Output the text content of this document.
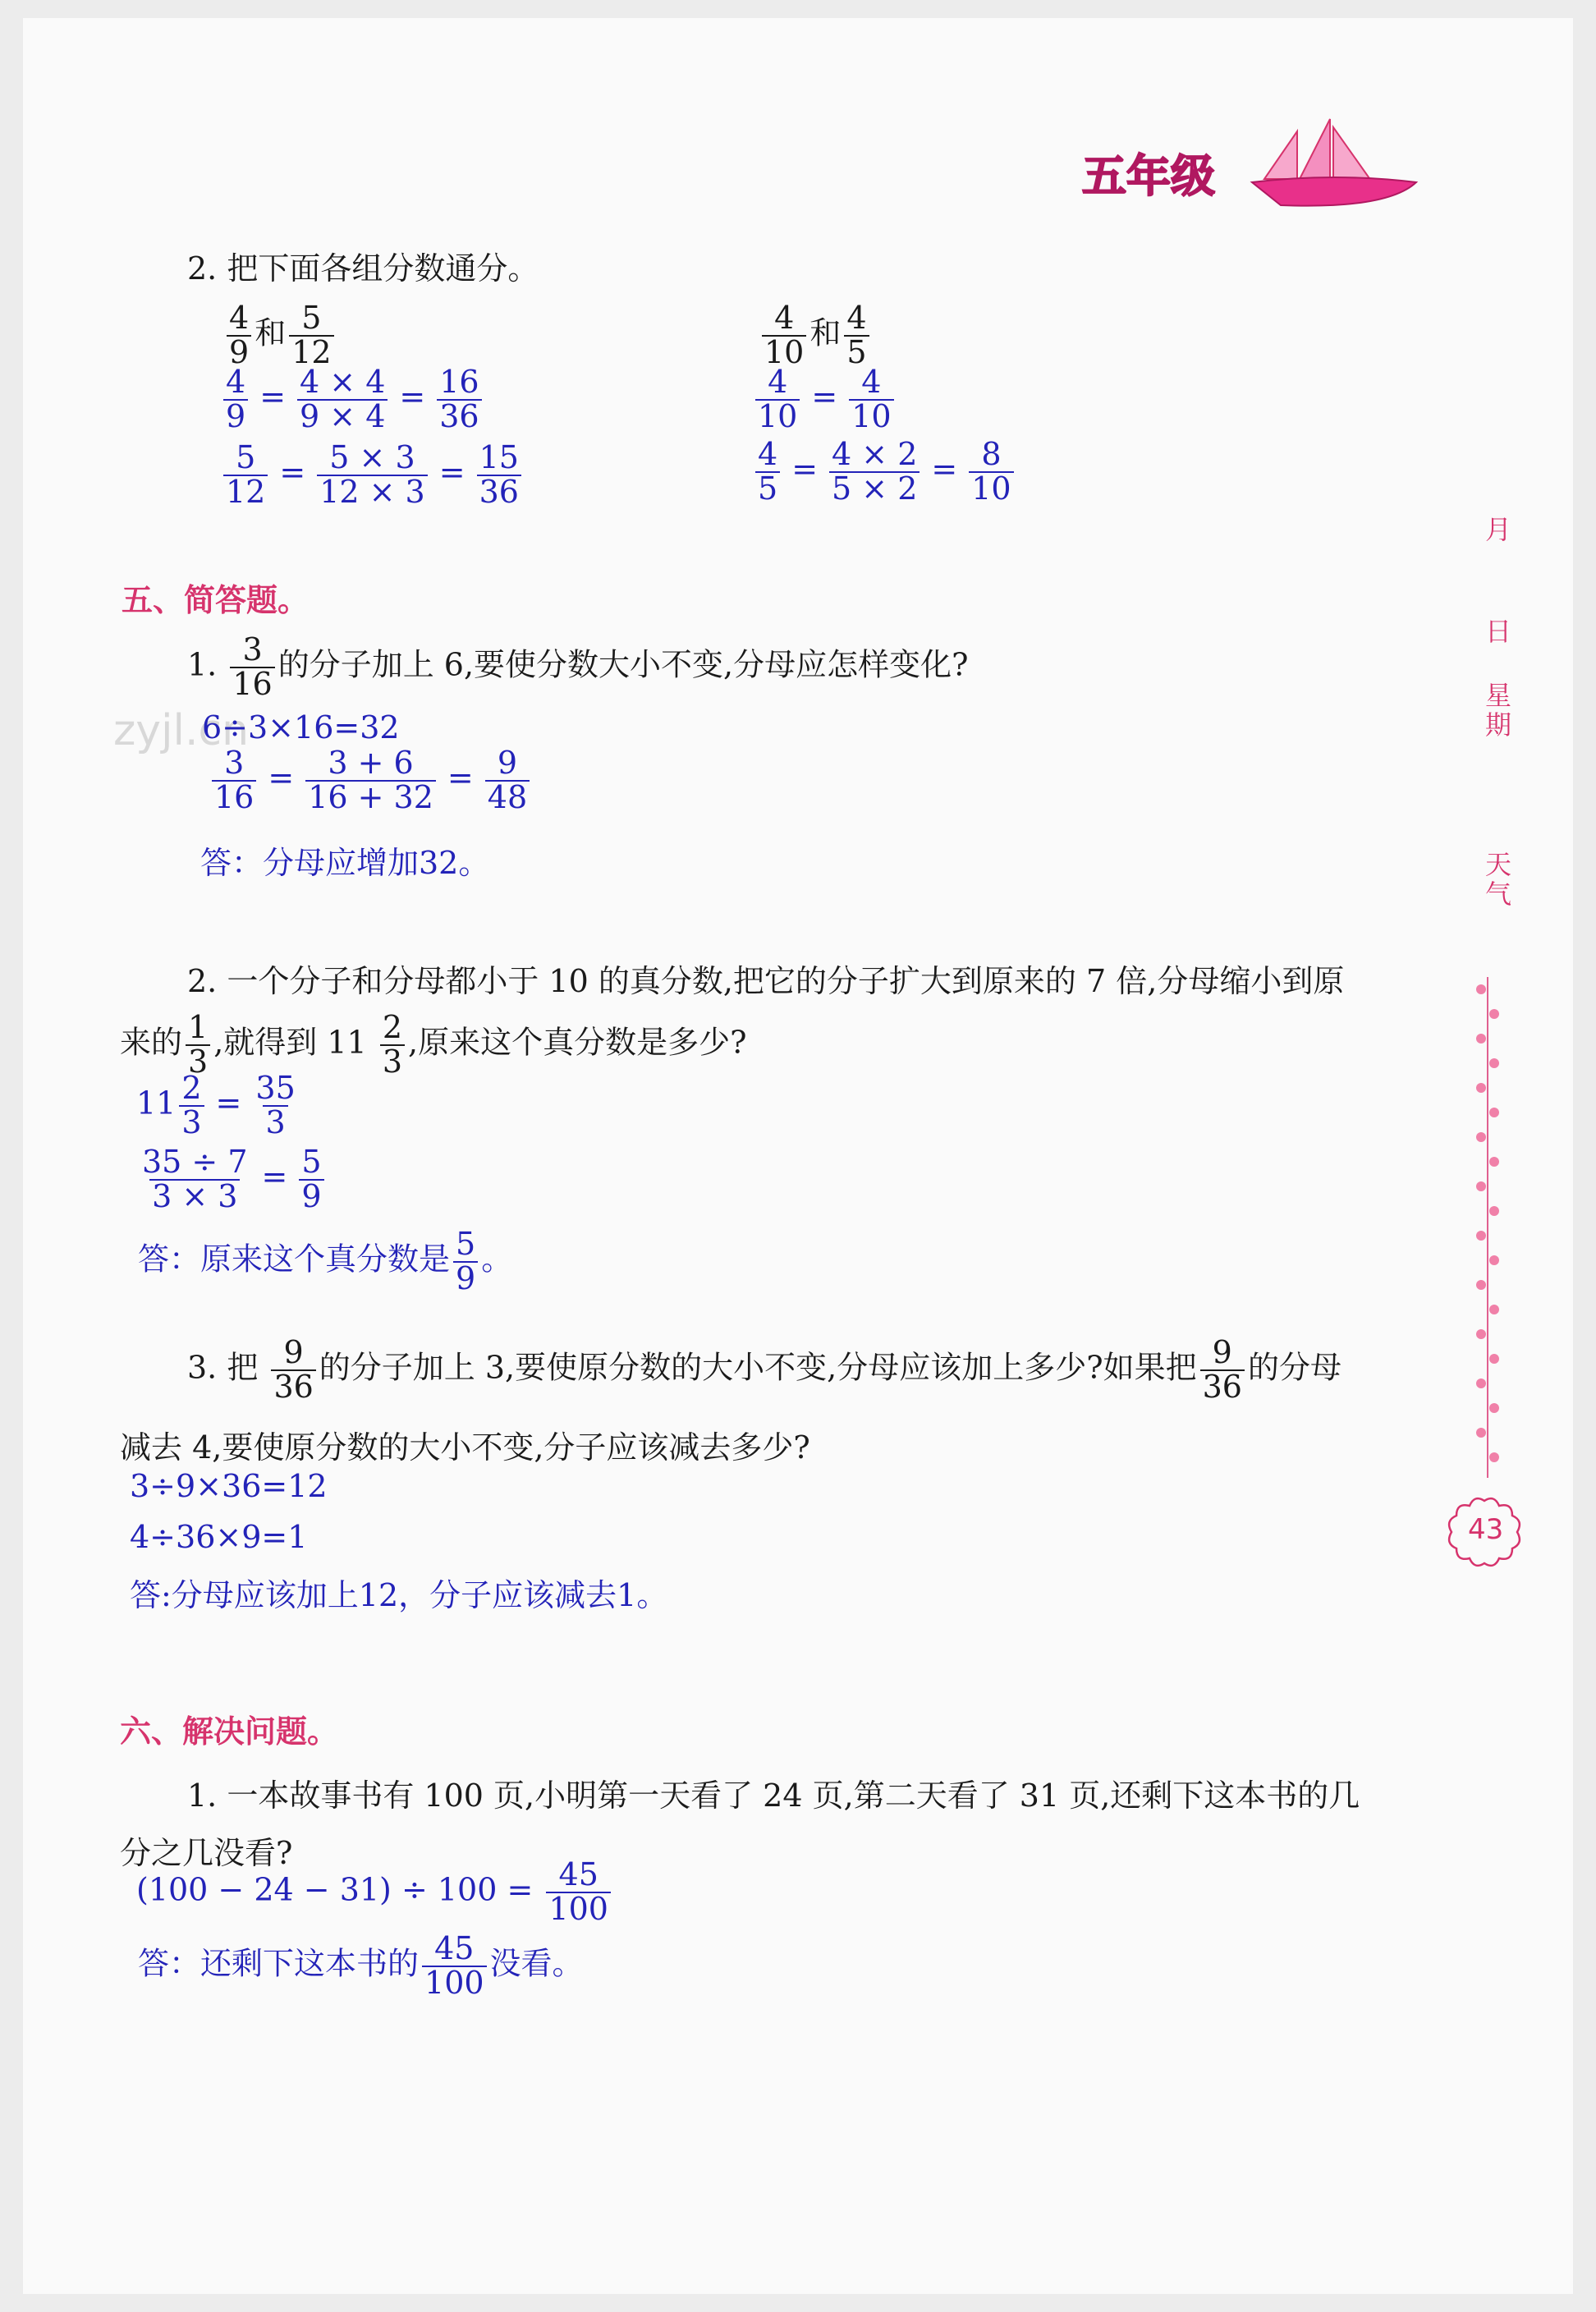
五年级
月
日
星期
天气
43
zyjl.cn
2. 把下面各组分数通分。
$\frac{4}{9}$ 和 $\frac{5}{12}$
$\frac{4}{9} = \frac{4 \times 4}{9 \times 4} = \frac{16}{36}$
$\frac{5}{12} = \frac{5 \times 3}{12 \times 3} = \frac{15}{36}$
$\frac{4}{10}$ 和 $\frac{4}{5}$
$\frac{4}{10} = \frac{4}{10}$
$\frac{4}{5} = \frac{4 \times 2}{5 \times 2} = \frac{8}{10}$
五、简答题。
1. $\frac{3}{16}$ 的分子加上 6,要使分数大小不变,分母应怎样变化?
6÷3×16=32
$\frac{3}{16} = \frac{3 + 6}{16 + 32} = \frac{9}{48}$
答：分母应增加32。
2. 一个分子和分母都小于 10 的真分数,把它的分子扩大到原来的 7 倍,分母缩小到原
来的 $\frac{1}{3}$ ,就得到 $11 \frac{2}{3}$ ,原来这个真分数是多少?
$11 \frac{2}{3} = \frac{35}{3}$
$\frac{35 \div 7}{3 \times 3} = \frac{5}{9}$
答：原来这个真分数是 $\frac{5}{9}$ 。
3. 把 $\frac{9}{36}$ 的分子加上 3,要使原分数的大小不变,分母应该加上多少?如果把 $\frac{9}{36}$ 的分母
减去 4,要使原分数的大小不变,分子应该减去多少?
3÷9×36=12
4÷36×9=1
答:分母应该加上12，分子应该减去1。
六、解决问题。
1. 一本故事书有 100 页,小明第一天看了 24 页,第二天看了 31 页,还剩下这本书的几
分之几没看?
$(100 - 24 - 31) \div 100 = \frac{45}{100}$
答：还剩下这本书的 $\frac{45}{100}$ 没看。
